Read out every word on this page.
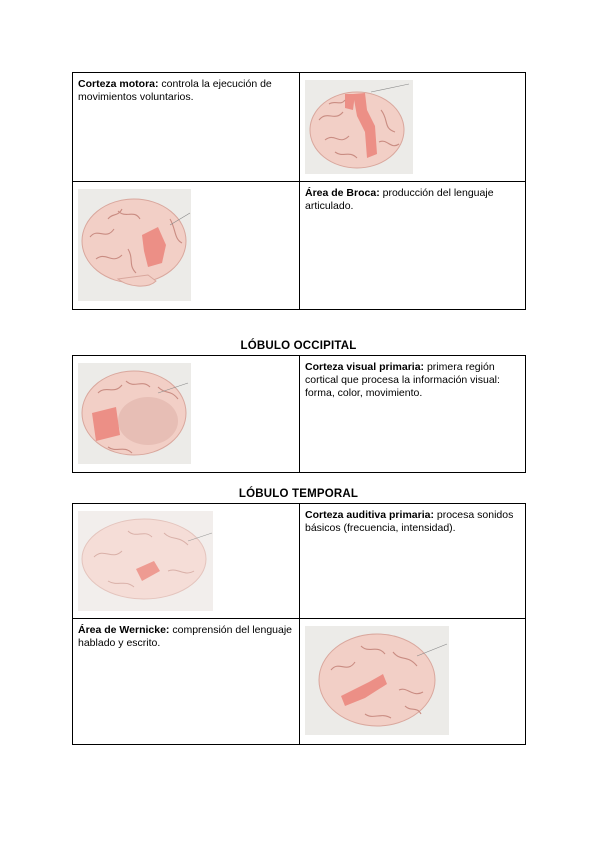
Corteza motora: controla la ejecución de movimientos voluntarios.	

	Área de Broca: producción del lenguaje articulado.
LÓBULO OCCIPITAL
	Corteza visual primaria: primera región cortical que procesa la información visual: forma, color, movimiento.
LÓBULO TEMPORAL
	Corteza auditiva primaria: procesa sonidos básicos (frecuencia, intensidad).
Área de Wernicke: comprensión del lenguaje hablado y escrito.	
